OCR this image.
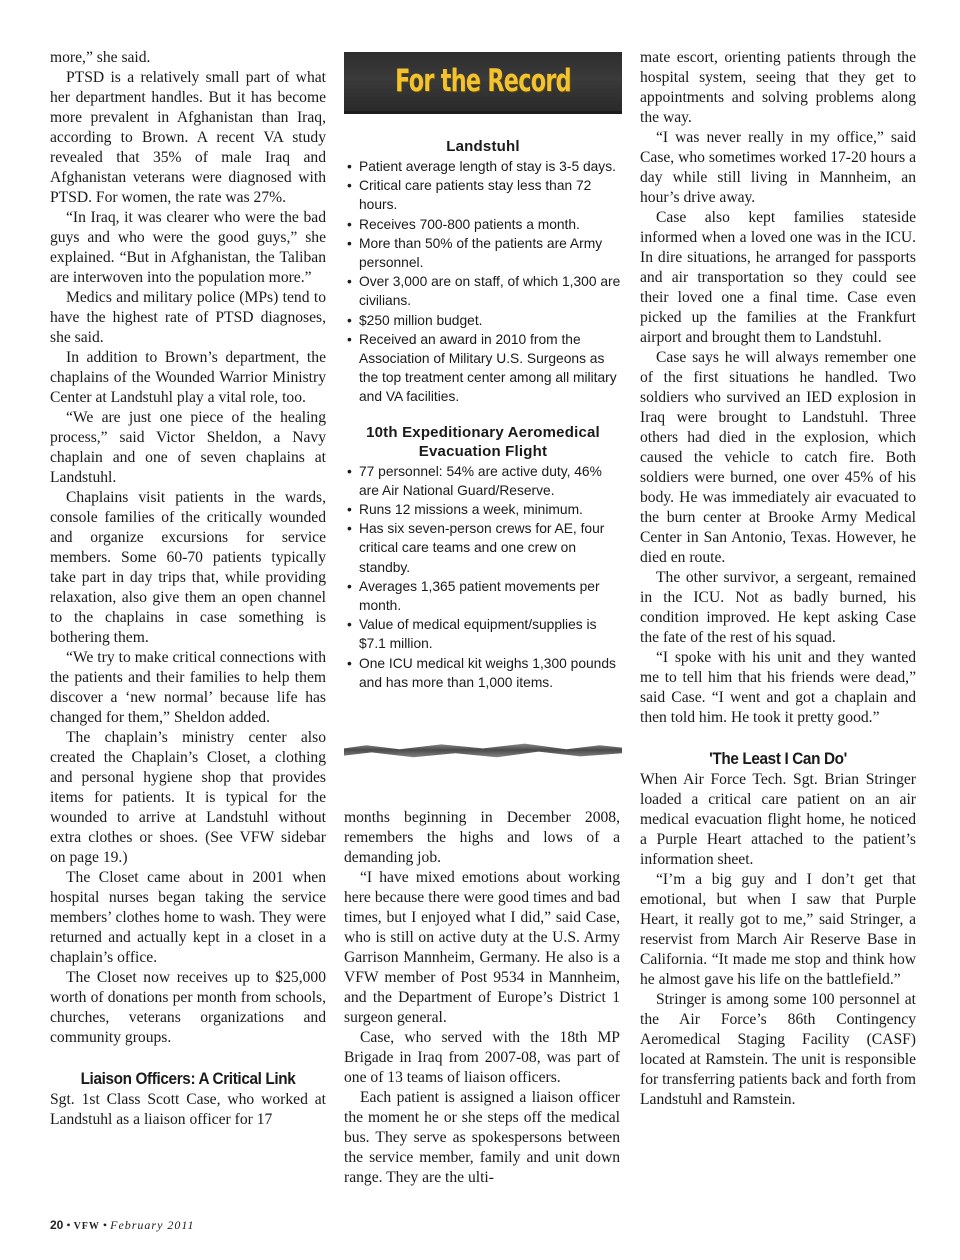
more,” she said.

PTSD is a relatively small part of what her department handles. But it has become more prevalent in Afghanistan than Iraq, according to Brown. A recent VA study revealed that 35% of male Iraq and Afghanistan veterans were diagnosed with PTSD. For women, the rate was 27%.

“In Iraq, it was clearer who were the bad guys and who were the good guys,” she explained. “But in Afghanistan, the Taliban are interwoven into the population more.”

Medics and military police (MPs) tend to have the highest rate of PTSD diagnoses, she said.

In addition to Brown’s department, the chaplains of the Wounded Warrior Ministry Center at Landstuhl play a vital role, too.

“We are just one piece of the healing process,” said Victor Sheldon, a Navy chaplain and one of seven chaplains at Landstuhl.

Chaplains visit patients in the wards, console families of the critically wounded and organize excursions for service members. Some 60-70 patients typically take part in day trips that, while providing relaxation, also give them an open channel to the chaplains in case something is bothering them.

“We try to make critical connections with the patients and their families to help them discover a ‘new normal’ because life has changed for them,” Sheldon added.

The chaplain’s ministry center also created the Chaplain’s Closet, a clothing and personal hygiene shop that provides items for patients. It is typical for the wounded to arrive at Landstuhl without extra clothes or shoes. (See VFW sidebar on page 19.)

The Closet came about in 2001 when hospital nurses began taking the service members’ clothes home to wash. They were returned and actually kept in a closet in a chaplain’s office.

The Closet now receives up to $25,000 worth of donations per month from schools, churches, veterans organizations and community groups.

Liaison Officers: A Critical Link

Sgt. 1st Class Scott Case, who worked at Landstuhl as a liaison officer for 17

For the Record
Landstuhl
• Patient average length of stay is 3-5 days.
• Critical care patients stay less than 72 hours.
• Receives 700-800 patients a month.
• More than 50% of the patients are Army personnel.
• Over 3,000 are on staff, of which 1,300 are civilians.
• $250 million budget.
• Received an award in 2010 from the Association of Military U.S. Surgeons as the top treatment center among all military and VA facilities.
10th Expeditionary Aeromedical Evacuation Flight
• 77 personnel: 54% are active duty, 46% are Air National Guard/Reserve.
• Runs 12 missions a week, minimum.
• Has six seven-person crews for AE, four critical care teams and one crew on standby.
• Averages 1,365 patient movements per month.
• Value of medical equipment/supplies is $7.1 million.
• One ICU medical kit weighs 1,300 pounds and has more than 1,000 items.

months beginning in December 2008, remembers the highs and lows of a demanding job.

“I have mixed emotions about working here because there were good times and bad times, but I enjoyed what I did,” said Case, who is still on active duty at the U.S. Army Garrison Mannheim, Germany. He also is a VFW member of Post 9534 in Mannheim, and the Department of Europe’s District 1 surgeon general.

Case, who served with the 18th MP Brigade in Iraq from 2007-08, was part of one of 13 teams of liaison officers.

Each patient is assigned a liaison officer the moment he or she steps off the medical bus. They serve as spokespersons between the service member, family and unit down range. They are the ulti-

mate escort, orienting patients through the hospital system, seeing that they get to appointments and solving problems along the way.

“I was never really in my office,” said Case, who sometimes worked 17-20 hours a day while still living in Mannheim, an hour’s drive away.

Case also kept families stateside informed when a loved one was in the ICU. In dire situations, he arranged for passports and air transportation so they could see their loved one a final time. Case even picked up the families at the Frankfurt airport and brought them to Landstuhl.

Case says he will always remember one of the first situations he handled. Two soldiers who survived an IED explosion in Iraq were brought to Landstuhl. Three others had died in the explosion, which caused the vehicle to catch fire. Both soldiers were burned, one over 45% of his body. He was immediately air evacuated to the burn center at Brooke Army Medical Center in San Antonio, Texas. However, he died en route.

The other survivor, a sergeant, remained in the ICU. Not as badly burned, his condition improved. He kept asking Case the fate of the rest of his squad.

“I spoke with his unit and they wanted me to tell him that his friends were dead,” said Case. “I went and got a chaplain and then told him. He took it pretty good.”

'The Least I Can Do'

When Air Force Tech. Sgt. Brian Stringer loaded a critical care patient on an air medical evacuation flight home, he noticed a Purple Heart attached to the patient’s information sheet.

“I’m a big guy and I don’t get that emotional, but when I saw that Purple Heart, it really got to me,” said Stringer, a reservist from March Air Reserve Base in California. “It made me stop and think how he almost gave his life on the battlefield.”

Stringer is among some 100 personnel at the Air Force’s 86th Contingency Aeromedical Staging Facility (CASF) located at Ramstein. The unit is responsible for transferring patients back and forth from Landstuhl and Ramstein.

20 • VFW • February 2011
